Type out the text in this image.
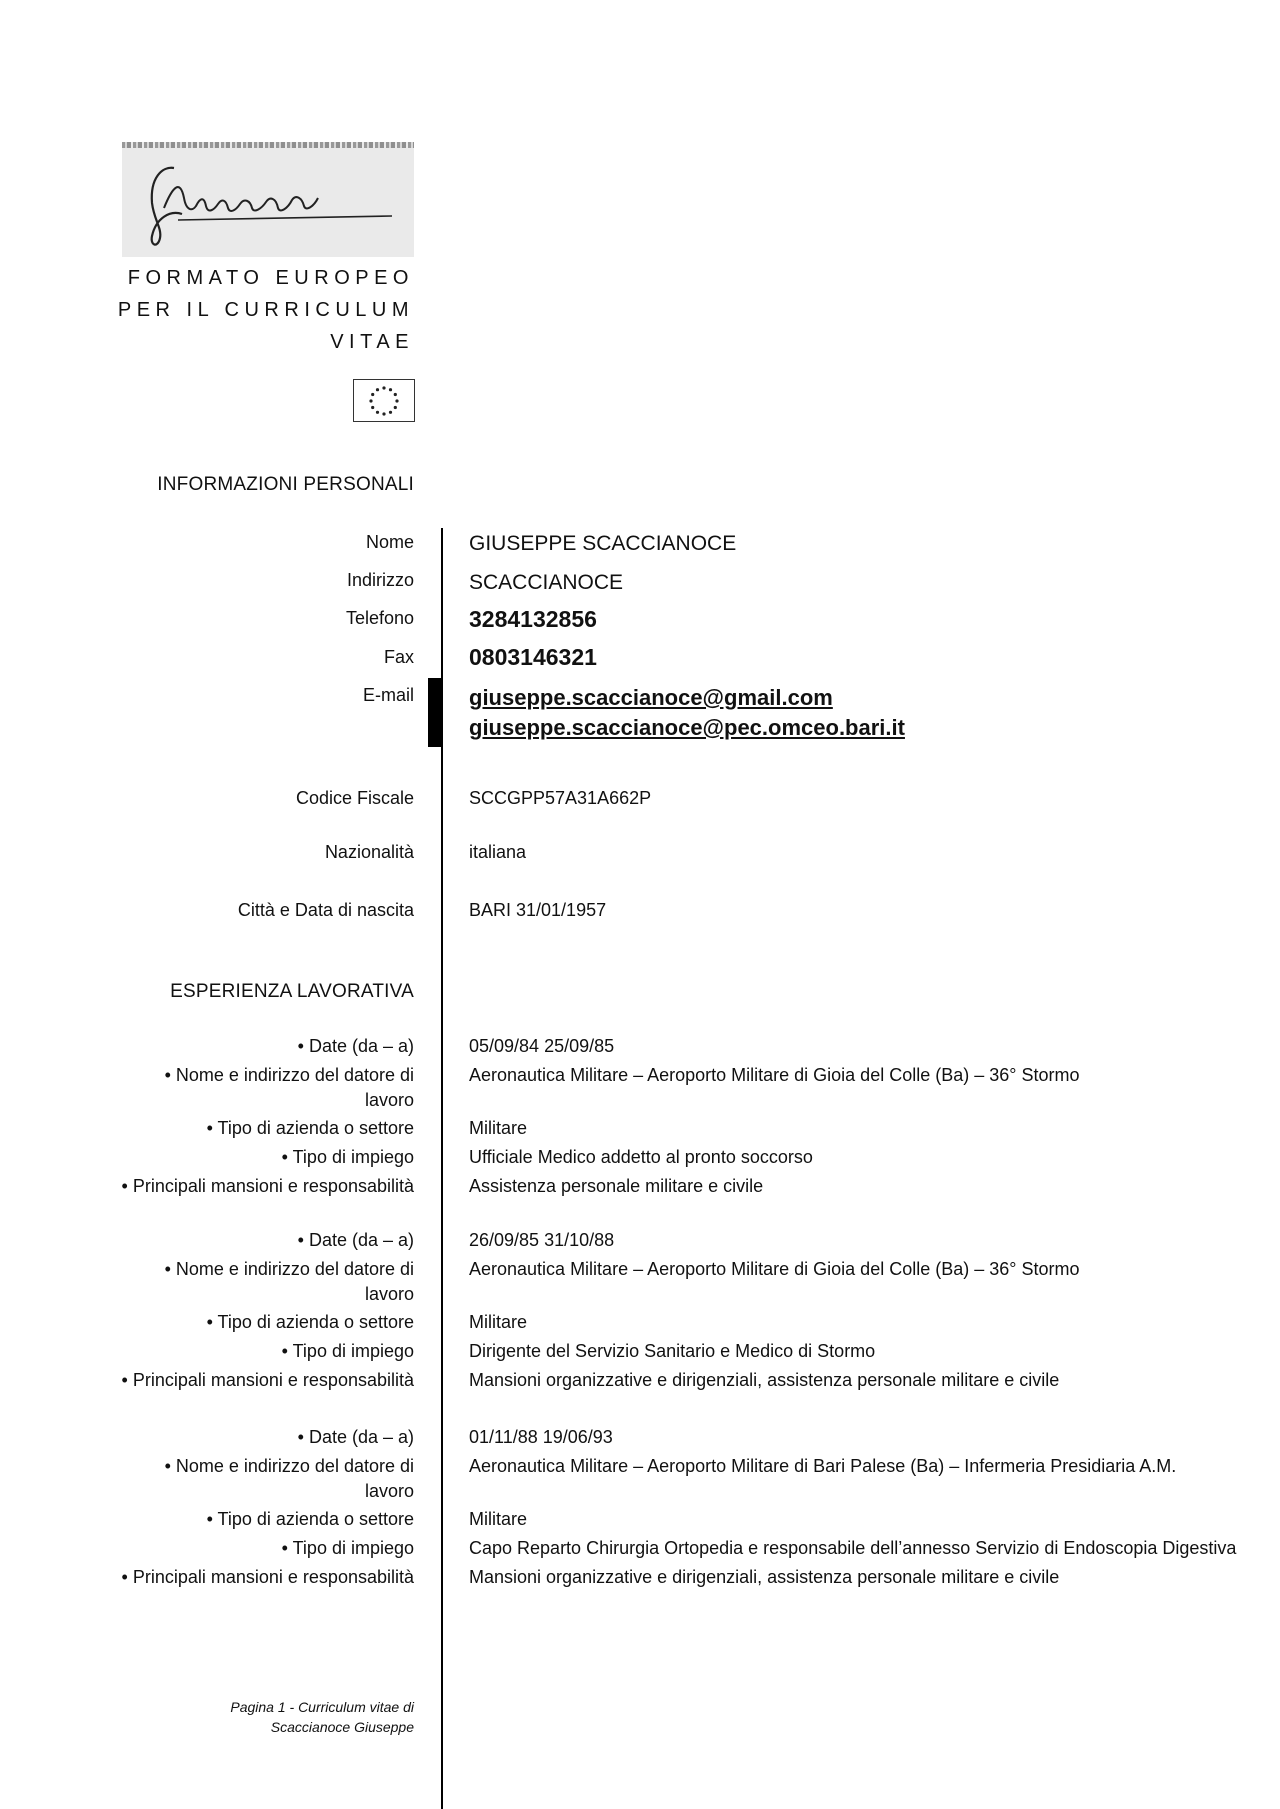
FORMATO EUROPEO
PER IL CURRICULUM
VITAE
INFORMAZIONI PERSONALI
Nome	GIUSEPPE SCACCIANOCE
Indirizzo	SCACCIANOCE
Telefono 3284132856
Fax 0803146321
E-mail	giuseppe.scaccianoce@gmail.com
giuseppe.scaccianoce@pec.omceo.bari.it
Codice Fiscale	SCCGPP57A31A662P
Nazionalità	italiana
Città e Data di nascita	BARI 31/01/1957
ESPERIENZA LAVORATIVA
• Date (da – a)	05/09/84 25/09/85
• Nome e indirizzo del datore di
lavoro
Aeronautica Militare – Aeroporto Militare di Gioia del Colle (Ba) – 36° Stormo
• Tipo di azienda o settore	Militare
• Tipo di impiego	Ufficiale Medico addetto al pronto soccorso
• Principali mansioni e responsabilità	Assistenza personale militare e civile
• Date (da – a)	26/09/85 31/10/88
• Nome e indirizzo del datore di
lavoro
Aeronautica Militare – Aeroporto Militare di Gioia del Colle (Ba) – 36° Stormo
• Tipo di azienda o settore	Militare
• Tipo di impiego	Dirigente del Servizio Sanitario e Medico di Stormo
• Principali mansioni e responsabilità	Mansioni organizzative e dirigenziali, assistenza personale militare e civile
• Date (da – a)	01/11/88 19/06/93
• Nome e indirizzo del datore di
lavoro
Aeronautica Militare – Aeroporto Militare di Bari Palese (Ba) – Infermeria Presidiaria A.M.
• Tipo di azienda o settore	Militare
• Tipo di impiego	Capo Reparto Chirurgia Ortopedia e responsabile dell’annesso Servizio di Endoscopia Digestiva
• Principali mansioni e responsabilità	Mansioni organizzative e dirigenziali, assistenza personale militare e civile
Pagina 1 - Curriculum vitae di
Scaccianoce Giuseppe
